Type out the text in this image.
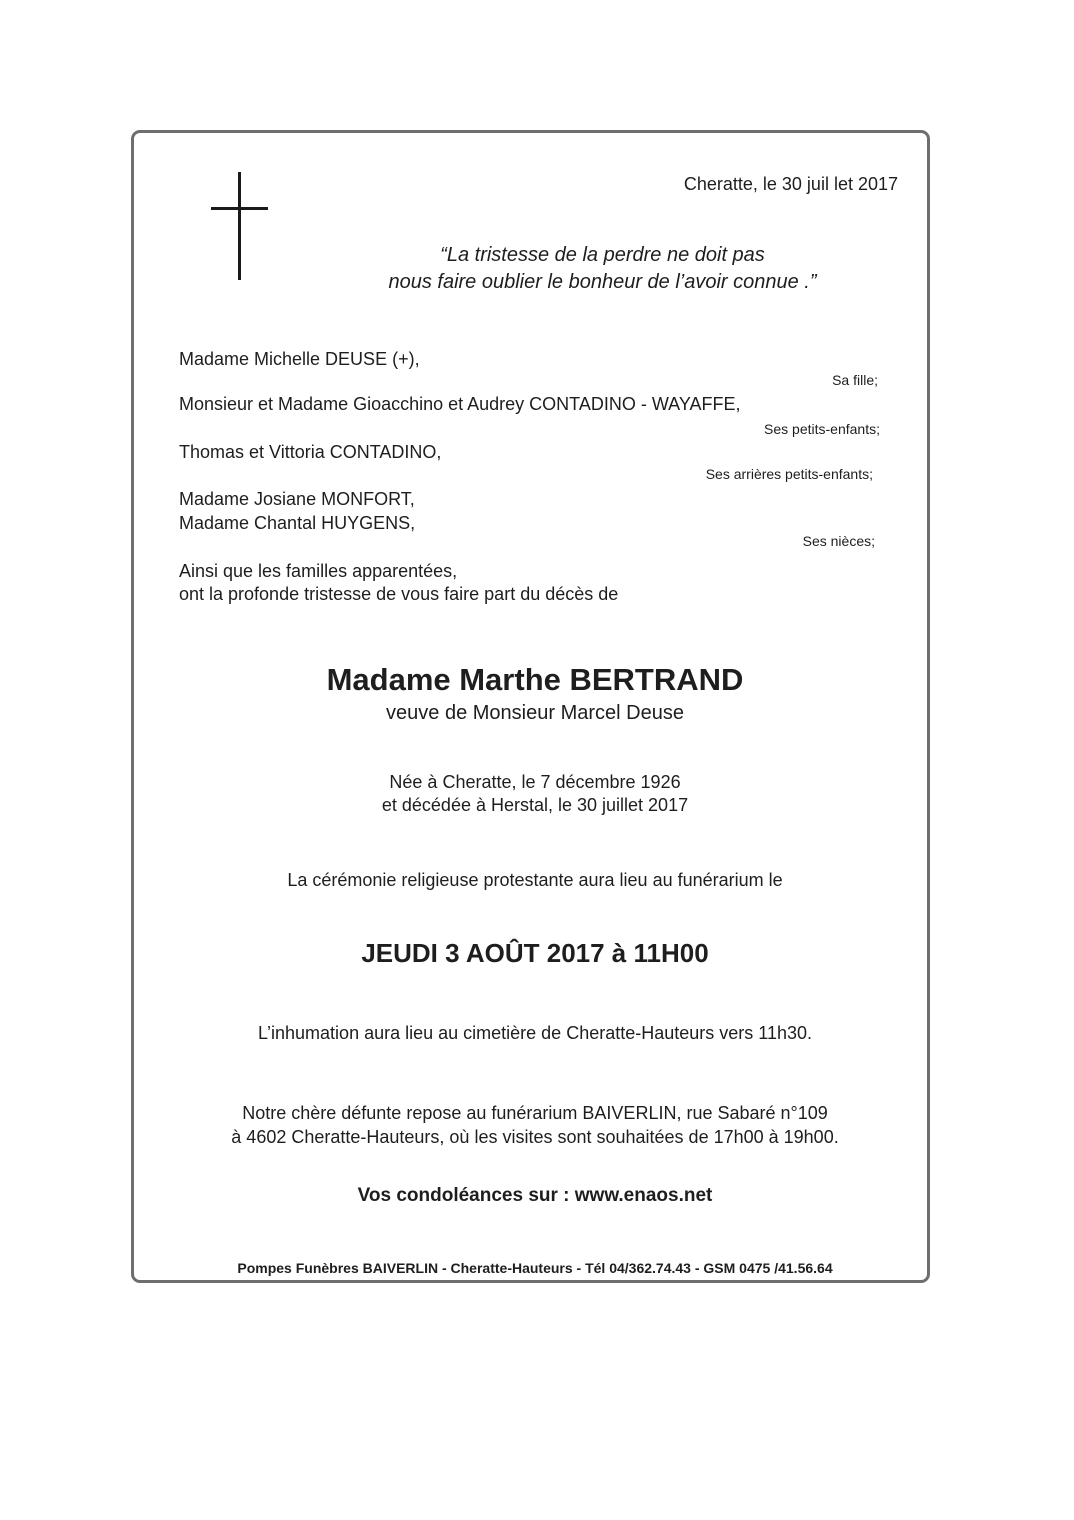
Cheratte, le 30 juil let 2017
“La tristesse de la perdre ne doit pas
nous faire oublier le bonheur de l’avoir connue .”
Madame Michelle DEUSE (+),
Sa fille;
Monsieur et Madame Gioacchino et Audrey CONTADINO - WAYAFFE,
Ses petits-enfants;
Thomas et Vittoria CONTADINO,
Ses arrières petits-enfants;
Madame Josiane MONFORT,
Madame Chantal HUYGENS,
Ses nièces;
Ainsi que les familles apparentées,
ont la profonde tristesse de vous faire part du décès de
Madame Marthe BERTRAND
veuve de Monsieur Marcel Deuse
Née à Cheratte, le 7 décembre 1926
et décédée à Herstal, le 30 juillet 2017
La cérémonie religieuse protestante aura lieu au funérarium le
JEUDI 3 AOÛT 2017 à 11H00
L’inhumation aura lieu au cimetière de Cheratte-Hauteurs vers 11h30.
Notre chère défunte repose au funérarium BAIVERLIN, rue Sabaré n°109
à 4602 Cheratte-Hauteurs, où les visites sont souhaitées de 17h00 à 19h00.
Vos condoléances sur : www.enaos.net
Pompes Funèbres BAIVERLIN - Cheratte-Hauteurs - Tél 04/362.74.43 - GSM 0475 /41.56.64
